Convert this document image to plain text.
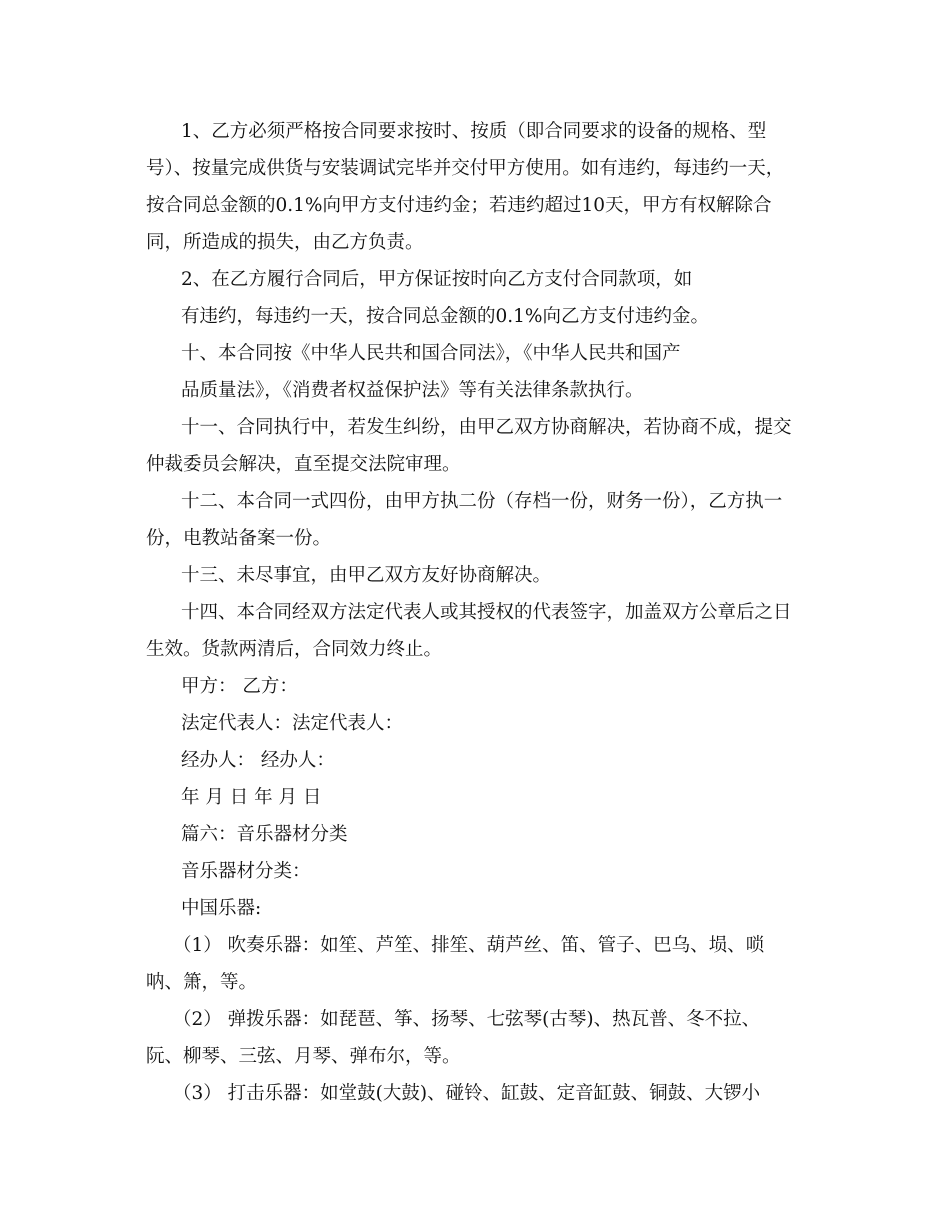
1、乙方必须严格按合同要求按时、按质（即合同要求的设备的规格、型
号）、按量完成供货与安装调试完毕并交付甲方使用。如有违约，每违约一天，
按合同总金额的0.1%向甲方支付违约金；若违约超过10天，甲方有权解除合
同，所造成的损失，由乙方负责。
2、在乙方履行合同后，甲方保证按时向乙方支付合同款项，如
有违约，每违约一天，按合同总金额的0.1%向乙方支付违约金。
十、本合同按《中华人民共和国合同法》，《中华人民共和国产
品质量法》，《消费者权益保护法》等有关法律条款执行。
十一、合同执行中，若发生纠纷，由甲乙双方协商解决，若协商不成，提交
仲裁委员会解决，直至提交法院审理。
十二、本合同一式四份，由甲方执二份（存档一份，财务一份），乙方执一
份，电教站备案一份。
十三、未尽事宜，由甲乙双方友好协商解决。
十四、本合同经双方法定代表人或其授权的代表签字，加盖双方公章后之日
生效。货款两清后，合同效力终止。
甲方： 乙方：
法定代表人：法定代表人：
经办人： 经办人：
年 月 日 年 月 日
篇六：音乐器材分类
音乐器材分类：
中国乐器:
（1） 吹奏乐器：如笙、芦笙、排笙、葫芦丝、笛、管子、巴乌、埙、唢
呐、箫，等。
（2） 弹拨乐器：如琵琶、筝、扬琴、七弦琴(古琴)、热瓦普、冬不拉、
阮、柳琴、三弦、月琴、弹布尔，等。
（3） 打击乐器：如堂鼓(大鼓)、碰铃、缸鼓、定音缸鼓、铜鼓、大锣小
